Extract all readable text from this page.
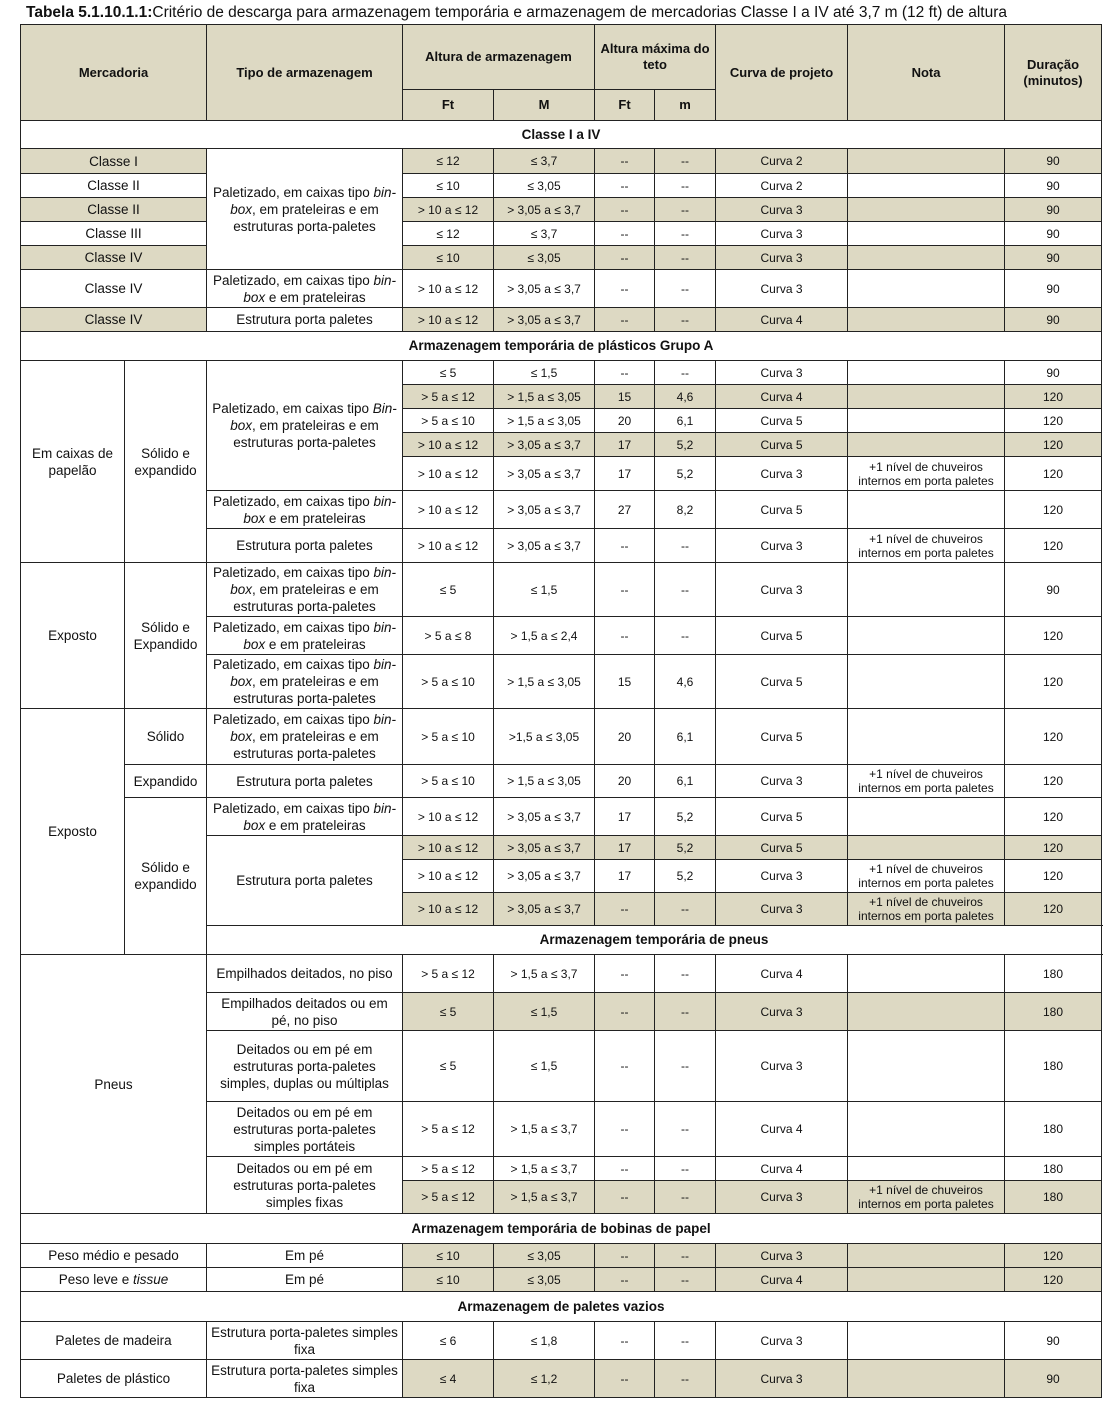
Tabela 5.1.10.1.1:Critério de descarga para armazenagem temporária e armazenagem de mercadorias Classe I a IV até 3,7 m (12 ft) de altura
Mercadoria		Tipo de armazenagem	Altura de armazenagem		Altura máxima do teto		Curva de projeto	Nota	Duração (minutos)
			Ft	M	Ft	m			
Classe I a IV									
Classe I		Paletizado, em caixas tipo bin-box, em prateleiras e em estruturas porta-paletes	≤ 12	≤ 3,7	--	--	Curva 2		90
Classe II			≤ 10	≤ 3,05	--	--	Curva 2		90
Classe II			> 10 a ≤ 12	> 3,05 a ≤ 3,7	--	--	Curva 3		90
Classe III			≤ 12	≤ 3,7	--	--	Curva 3		90
Classe IV			≤ 10	≤ 3,05	--	--	Curva 3		90
Classe IV		Paletizado, em caixas tipo bin-box e em prateleiras	> 10 a ≤ 12	> 3,05 a ≤ 3,7	--	--	Curva 3		90
Classe IV		Estrutura porta paletes	> 10 a ≤ 12	> 3,05 a ≤ 3,7	--	--	Curva 4		90
Armazenagem temporária de plásticos Grupo A									
Em caixas de papelão	Sólido e expandido	Paletizado, em caixas tipo Bin-box, em prateleiras e em estruturas porta-paletes	≤ 5	≤ 1,5	--	--	Curva 3		90
			> 5 a ≤ 12	> 1,5 a ≤ 3,05	15	4,6	Curva 4		120
			> 5 a ≤ 10	> 1,5 a ≤ 3,05	20	6,1	Curva 5		120
			> 10 a ≤ 12	> 3,05 a ≤ 3,7	17	5,2	Curva 5		120
			> 10 a ≤ 12	> 3,05 a ≤ 3,7	17	5,2	Curva 3	+1 nível de chuveiros internos em porta paletes	120
		Paletizado, em caixas tipo bin-box e em prateleiras	> 10 a ≤ 12	> 3,05 a ≤ 3,7	27	8,2	Curva 5		120
		Estrutura porta paletes	> 10 a ≤ 12	> 3,05 a ≤ 3,7	--	--	Curva 3	+1 nível de chuveiros internos em porta paletes	120
Exposto	Sólido e Expandido	Paletizado, em caixas tipo bin-box, em prateleiras e em estruturas porta-paletes	≤ 5	≤ 1,5	--	--	Curva 3		90
		Paletizado, em caixas tipo bin-box e em prateleiras	> 5 a ≤ 8	> 1,5 a ≤ 2,4	--	--	Curva 5		120
		Paletizado, em caixas tipo bin-box, em prateleiras e em estruturas porta-paletes	> 5 a ≤ 10	> 1,5 a ≤ 3,05	15	4,6	Curva 5		120
Exposto	Sólido	Paletizado, em caixas tipo bin-box, em prateleiras e em estruturas porta-paletes	> 5 a ≤ 10	>1,5 a ≤ 3,05	20	6,1	Curva 5		120
	Expandido	Estrutura porta paletes	> 5 a ≤ 10	> 1,5 a ≤ 3,05	20	6,1	Curva 3	+1 nível de chuveiros internos em porta paletes	120
	Sólido e expandido	Paletizado, em caixas tipo bin-box e em prateleiras	> 10 a ≤ 12	> 3,05 a ≤ 3,7	17	5,2	Curva 5		120
		Estrutura porta paletes	> 10 a ≤ 12	> 3,05 a ≤ 3,7	17	5,2	Curva 5		120
			> 10 a ≤ 12	> 3,05 a ≤ 3,7	17	5,2	Curva 3	+1 nível de chuveiros internos em porta paletes	120
			> 10 a ≤ 12	> 3,05 a ≤ 3,7	--	--	Curva 3	+1 nível de chuveiros internos em porta paletes	120
		Armazenagem temporária de pneus							
Pneus		Empilhados deitados, no piso	> 5 a ≤ 12	> 1,5 a ≤ 3,7	--	--	Curva 4		180
		Empilhados deitados ou em pé, no piso	≤ 5	≤ 1,5	--	--	Curva 3		180
		Deitados ou em pé em estruturas porta-paletes simples, duplas ou múltiplas	≤ 5	≤ 1,5	--	--	Curva 3		180
		Deitados ou em pé em estruturas porta-paletes simples portáteis	> 5 a ≤ 12	> 1,5 a ≤ 3,7	--	--	Curva 4		180
		Deitados ou em pé em estruturas porta-paletes simples fixas	> 5 a ≤ 12	> 1,5 a ≤ 3,7	--	--	Curva 4		180
			> 5 a ≤ 12	> 1,5 a ≤ 3,7	--	--	Curva 3	+1 nível de chuveiros internos em porta paletes	180
Armazenagem temporária de bobinas de papel									
Peso médio e pesado		Em pé	≤ 10	≤ 3,05	--	--	Curva 3		120
Peso leve e tissue		Em pé	≤ 10	≤ 3,05	--	--	Curva 4		120
Armazenagem de paletes vazios									
Paletes de madeira		Estrutura porta-paletes simples fixa	≤ 6	≤ 1,8	--	--	Curva 3		90
Paletes de plástico		Estrutura porta-paletes simples fixa	≤ 4	≤ 1,2	--	--	Curva 3		90
